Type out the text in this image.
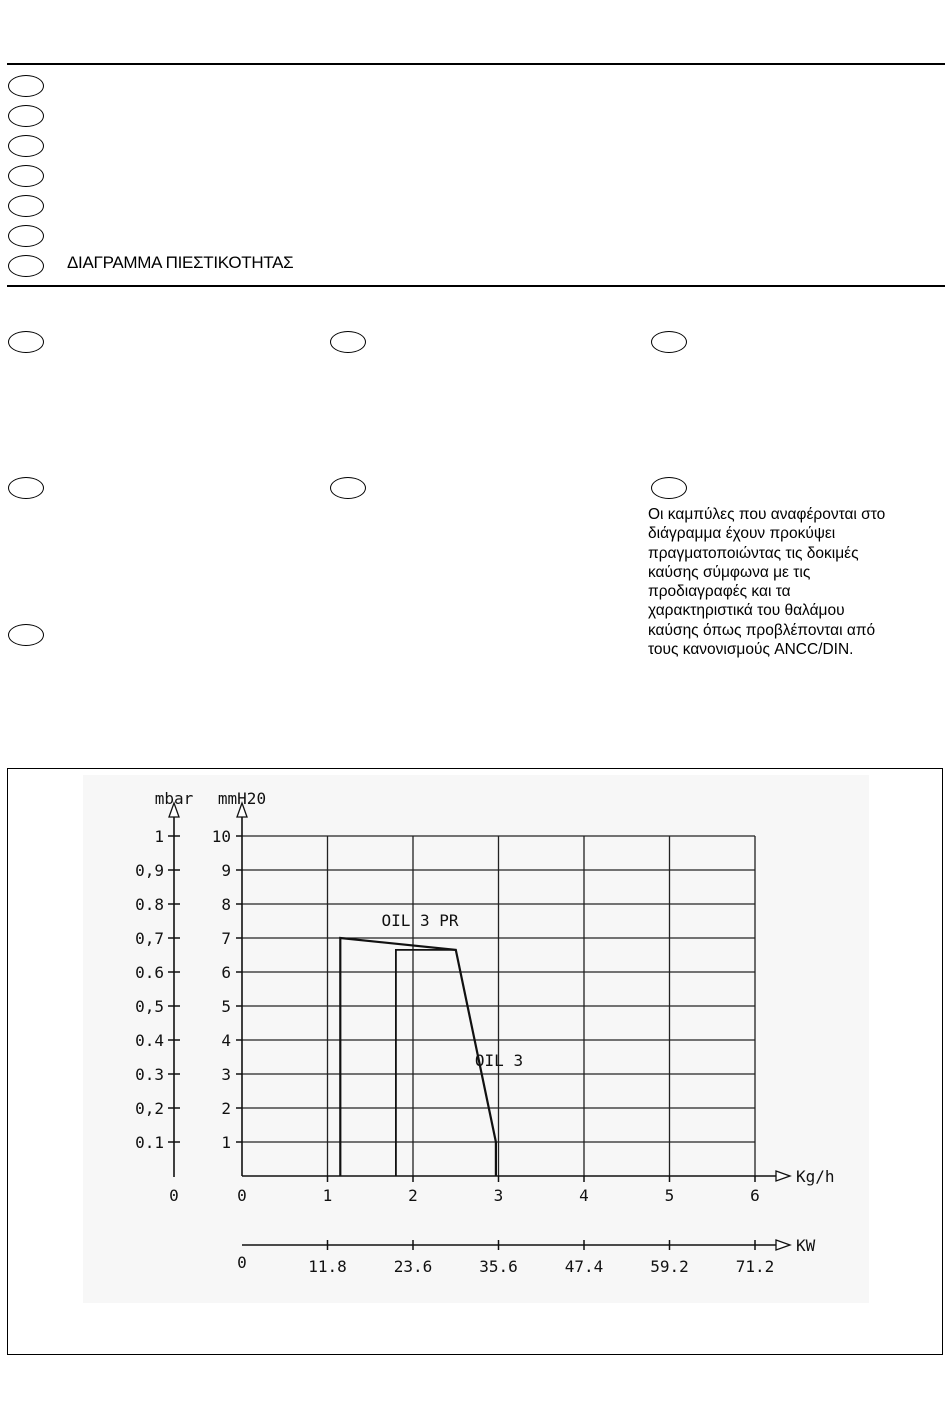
ΔΙΑΓΡΑΜΜΑ ΠΙΕΣΤΙΚΟΤΗΤΑΣ

Οι καμπύλες που αναφέρονται στο
διάγραμμα έχουν προκύψει
πραγματοποιώντας τις δοκιμές
καύσης σύμφωνα με τις
προδιαγραφές και τα
χαρακτηριστικά του θαλάμου
καύσης όπως προβλέπονται από
τους κανονισμούς ANCC/DIN.

1
2
3
4
5
6
7
8
9
10
0.1
0,2
0.3
0.4
0,5
0.6
0,7
0.8
0,9
1
0
mbar mmH20
0	1	2	3	4	5	6
Kg/h
0	11.8	23.6	35.6	47.4	59.2	71.2
KW
OIL 3 PR
OIL 3
